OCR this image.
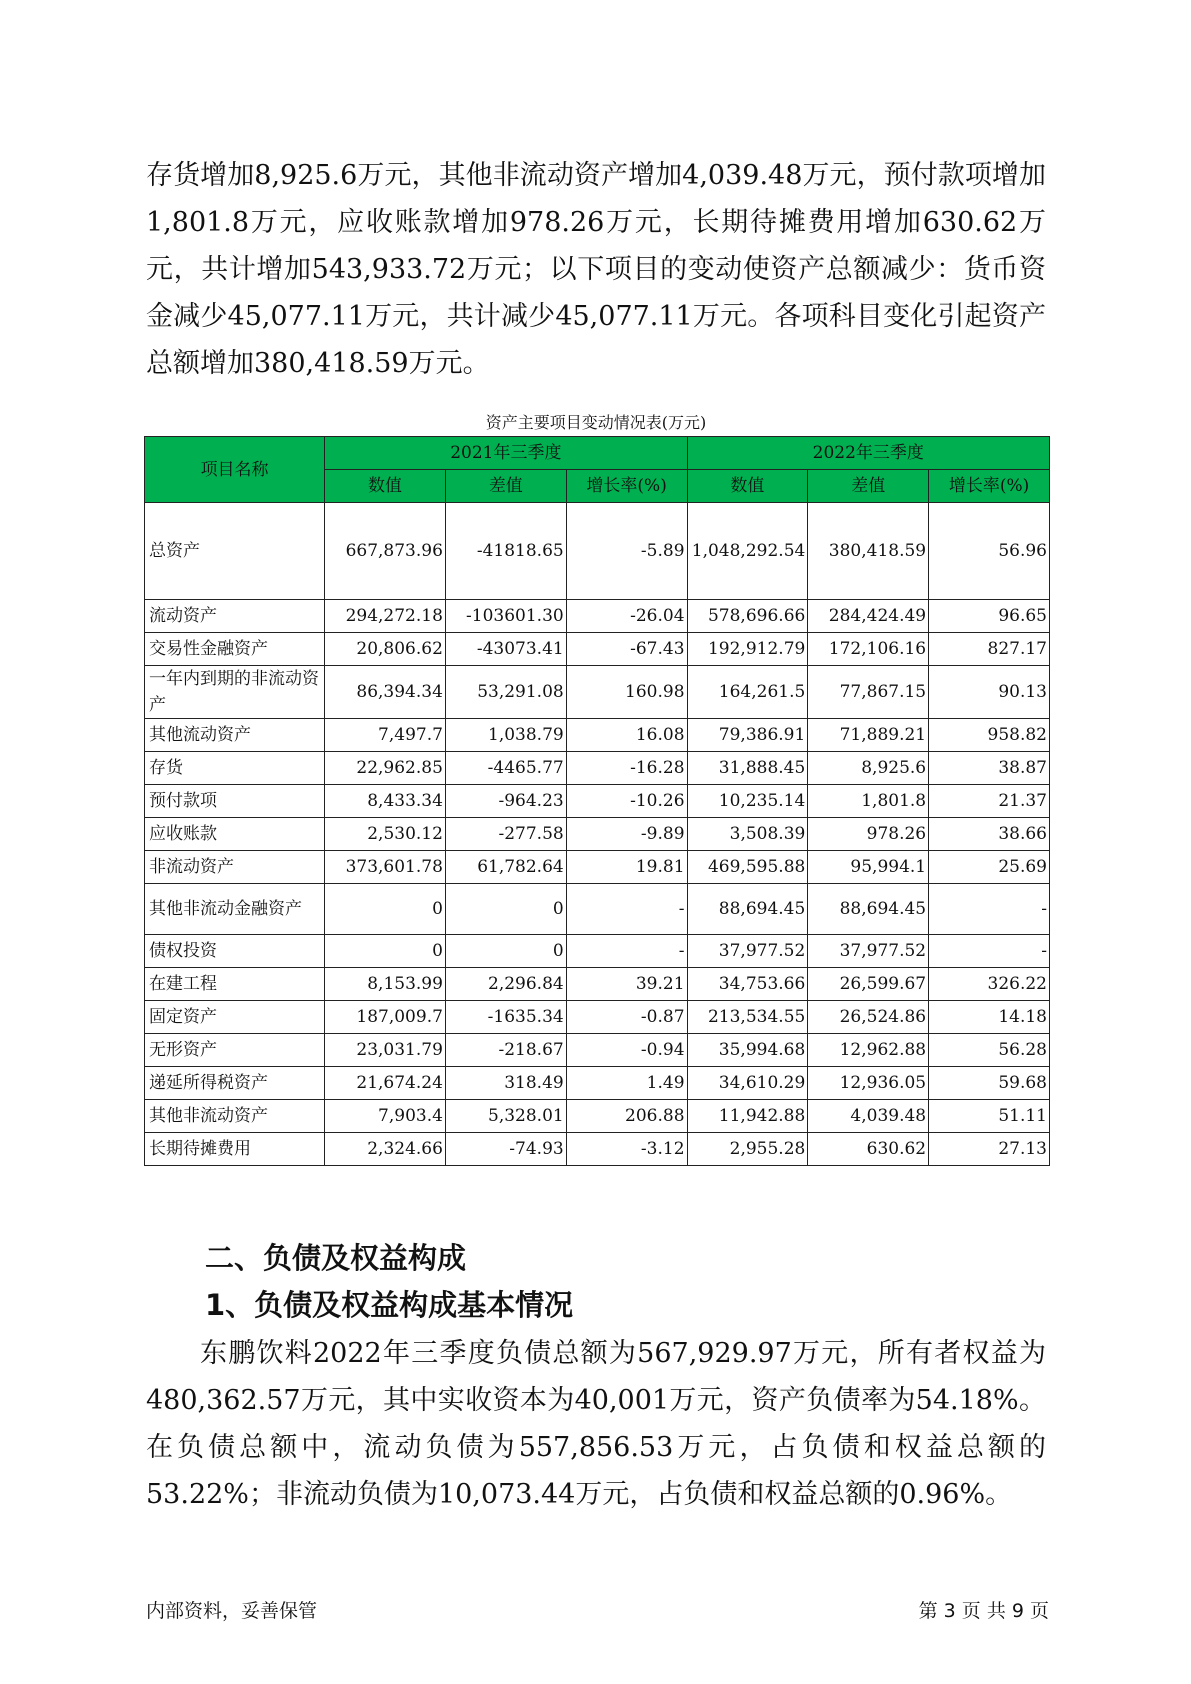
存货增加8,925.6万元，其他非流动资产增加4,039.48万元，预付款项增加1,801.8万元，应收账款增加978.26万元，长期待摊费用增加630.62万元，共计增加543,933.72万元；以下项目的变动使资产总额减少：货币资金减少45,077.11万元，共计减少45,077.11万元。各项科目变化引起资产总额增加380,418.59万元。

资产主要项目变动情况表(万元)

项目名称	2021年三季度			2022年三季度		
	数值	差值	增长率(%)	数值	差值	增长率(%)
总资产	667,873.96	-41818.65	-5.89	1,048,292.54	380,418.59	56.96
流动资产	294,272.18	-103601.30	-26.04	578,696.66	284,424.49	96.65
交易性金融资产	20,806.62	-43073.41	-67.43	192,912.79	172,106.16	827.17
一年内到期的非流动资产	86,394.34	53,291.08	160.98	164,261.5	77,867.15	90.13
其他流动资产	7,497.7	1,038.79	16.08	79,386.91	71,889.21	958.82
存货	22,962.85	-4465.77	-16.28	31,888.45	8,925.6	38.87
预付款项	8,433.34	-964.23	-10.26	10,235.14	1,801.8	21.37
应收账款	2,530.12	-277.58	-9.89	3,508.39	978.26	38.66
非流动资产	373,601.78	61,782.64	19.81	469,595.88	95,994.1	25.69
其他非流动金融资产	0	0	-	88,694.45	88,694.45	-
债权投资	0	0	-	37,977.52	37,977.52	-
在建工程	8,153.99	2,296.84	39.21	34,753.66	26,599.67	326.22
固定资产	187,009.7	-1635.34	-0.87	213,534.55	26,524.86	14.18
无形资产	23,031.79	-218.67	-0.94	35,994.68	12,962.88	56.28
递延所得税资产	21,674.24	318.49	1.49	34,610.29	12,936.05	59.68
其他非流动资产	7,903.4	5,328.01	206.88	11,942.88	4,039.48	51.11
长期待摊费用	2,324.66	-74.93	-3.12	2,955.28	630.62	27.13

二、负债及权益构成

1、负债及权益构成基本情况

东鹏饮料2022年三季度负债总额为567,929.97万元，所有者权益为480,362.57万元，其中实收资本为40,001万元，资产负债率为54.18%。在负债总额中，流动负债为557,856.53万元，占负债和权益总额的53.22%；非流动负债为10,073.44万元，占负债和权益总额的0.96%。

内部资料，妥善保管	第 3 页 共 9 页
